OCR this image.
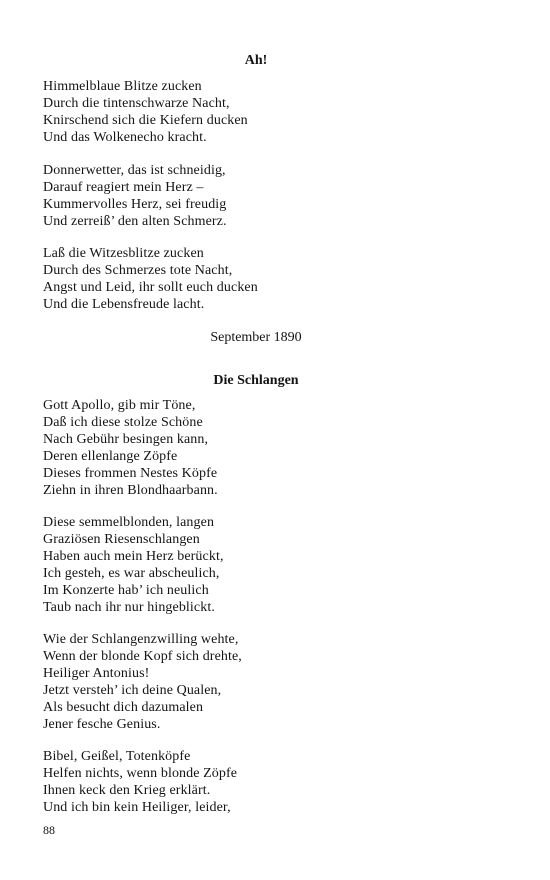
Ah!
Himmelblaue Blitze zucken
Durch die tintenschwarze Nacht,
Knirschend sich die Kiefern ducken
Und das Wolkenecho kracht.
Donnerwetter, das ist schneidig,
Darauf reagiert mein Herz –
Kummervolles Herz, sei freudig
Und zerreiß’ den alten Schmerz.
Laß die Witzesblitze zucken
Durch des Schmerzes tote Nacht,
Angst und Leid, ihr sollt euch ducken
Und die Lebensfreude lacht.
September 1890
Die Schlangen
Gott Apollo, gib mir Töne,
Daß ich diese stolze Schöne
Nach Gebühr besingen kann,
Deren ellenlange Zöpfe
Dieses frommen Nestes Köpfe
Ziehn in ihren Blondhaarbann.
Diese semmelblonden, langen
Graziösen Riesenschlangen
Haben auch mein Herz berückt,
Ich gesteh, es war abscheulich,
Im Konzerte hab’ ich neulich
Taub nach ihr nur hingeblickt.
Wie der Schlangenzwilling wehte,
Wenn der blonde Kopf sich drehte,
Heiliger Antonius!
Jetzt versteh’ ich deine Qualen,
Als besucht dich dazumalen
Jener fesche Genius.
Bibel, Geißel, Totenköpfe
Helfen nichts, wenn blonde Zöpfe
Ihnen keck den Krieg erklärt.
Und ich bin kein Heiliger, leider,
88
